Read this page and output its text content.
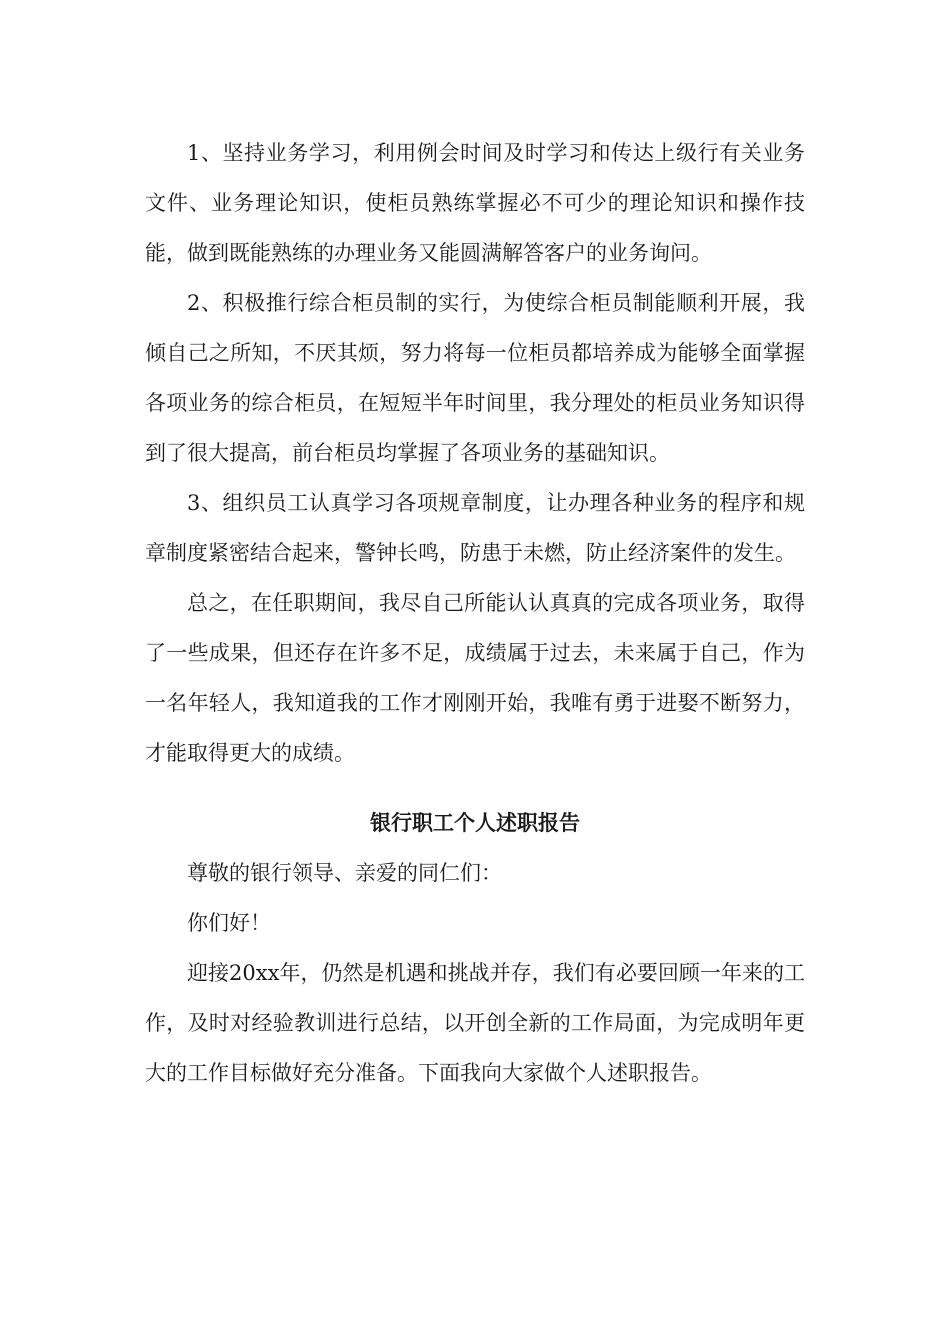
1、坚持业务学习，利用例会时间及时学习和传达上级行有关业务文件、业务理论知识，使柜员熟练掌握必不可少的理论知识和操作技能，做到既能熟练的办理业务又能圆满解答客户的业务询问。

2、积极推行综合柜员制的实行，为使综合柜员制能顺利开展，我倾自己之所知，不厌其烦，努力将每一位柜员都培养成为能够全面掌握各项业务的综合柜员，在短短半年时间里，我分理处的柜员业务知识得到了很大提高，前台柜员均掌握了各项业务的基础知识。

3、组织员工认真学习各项规章制度，让办理各种业务的程序和规章制度紧密结合起来，警钟长鸣，防患于未燃，防止经济案件的发生。

总之，在任职期间，我尽自己所能认认真真的完成各项业务，取得了一些成果，但还存在许多不足，成绩属于过去，未来属于自己，作为一名年轻人，我知道我的工作才刚刚开始，我唯有勇于进娶不断努力，才能取得更大的成绩。

银行职工个人述职报告

尊敬的银行领导、亲爱的同仁们：

你们好！

迎接20xx年，仍然是机遇和挑战并存，我们有必要回顾一年来的工作，及时对经验教训进行总结，以开创全新的工作局面，为完成明年更大的工作目标做好充分准备。下面我向大家做个人述职报告。
